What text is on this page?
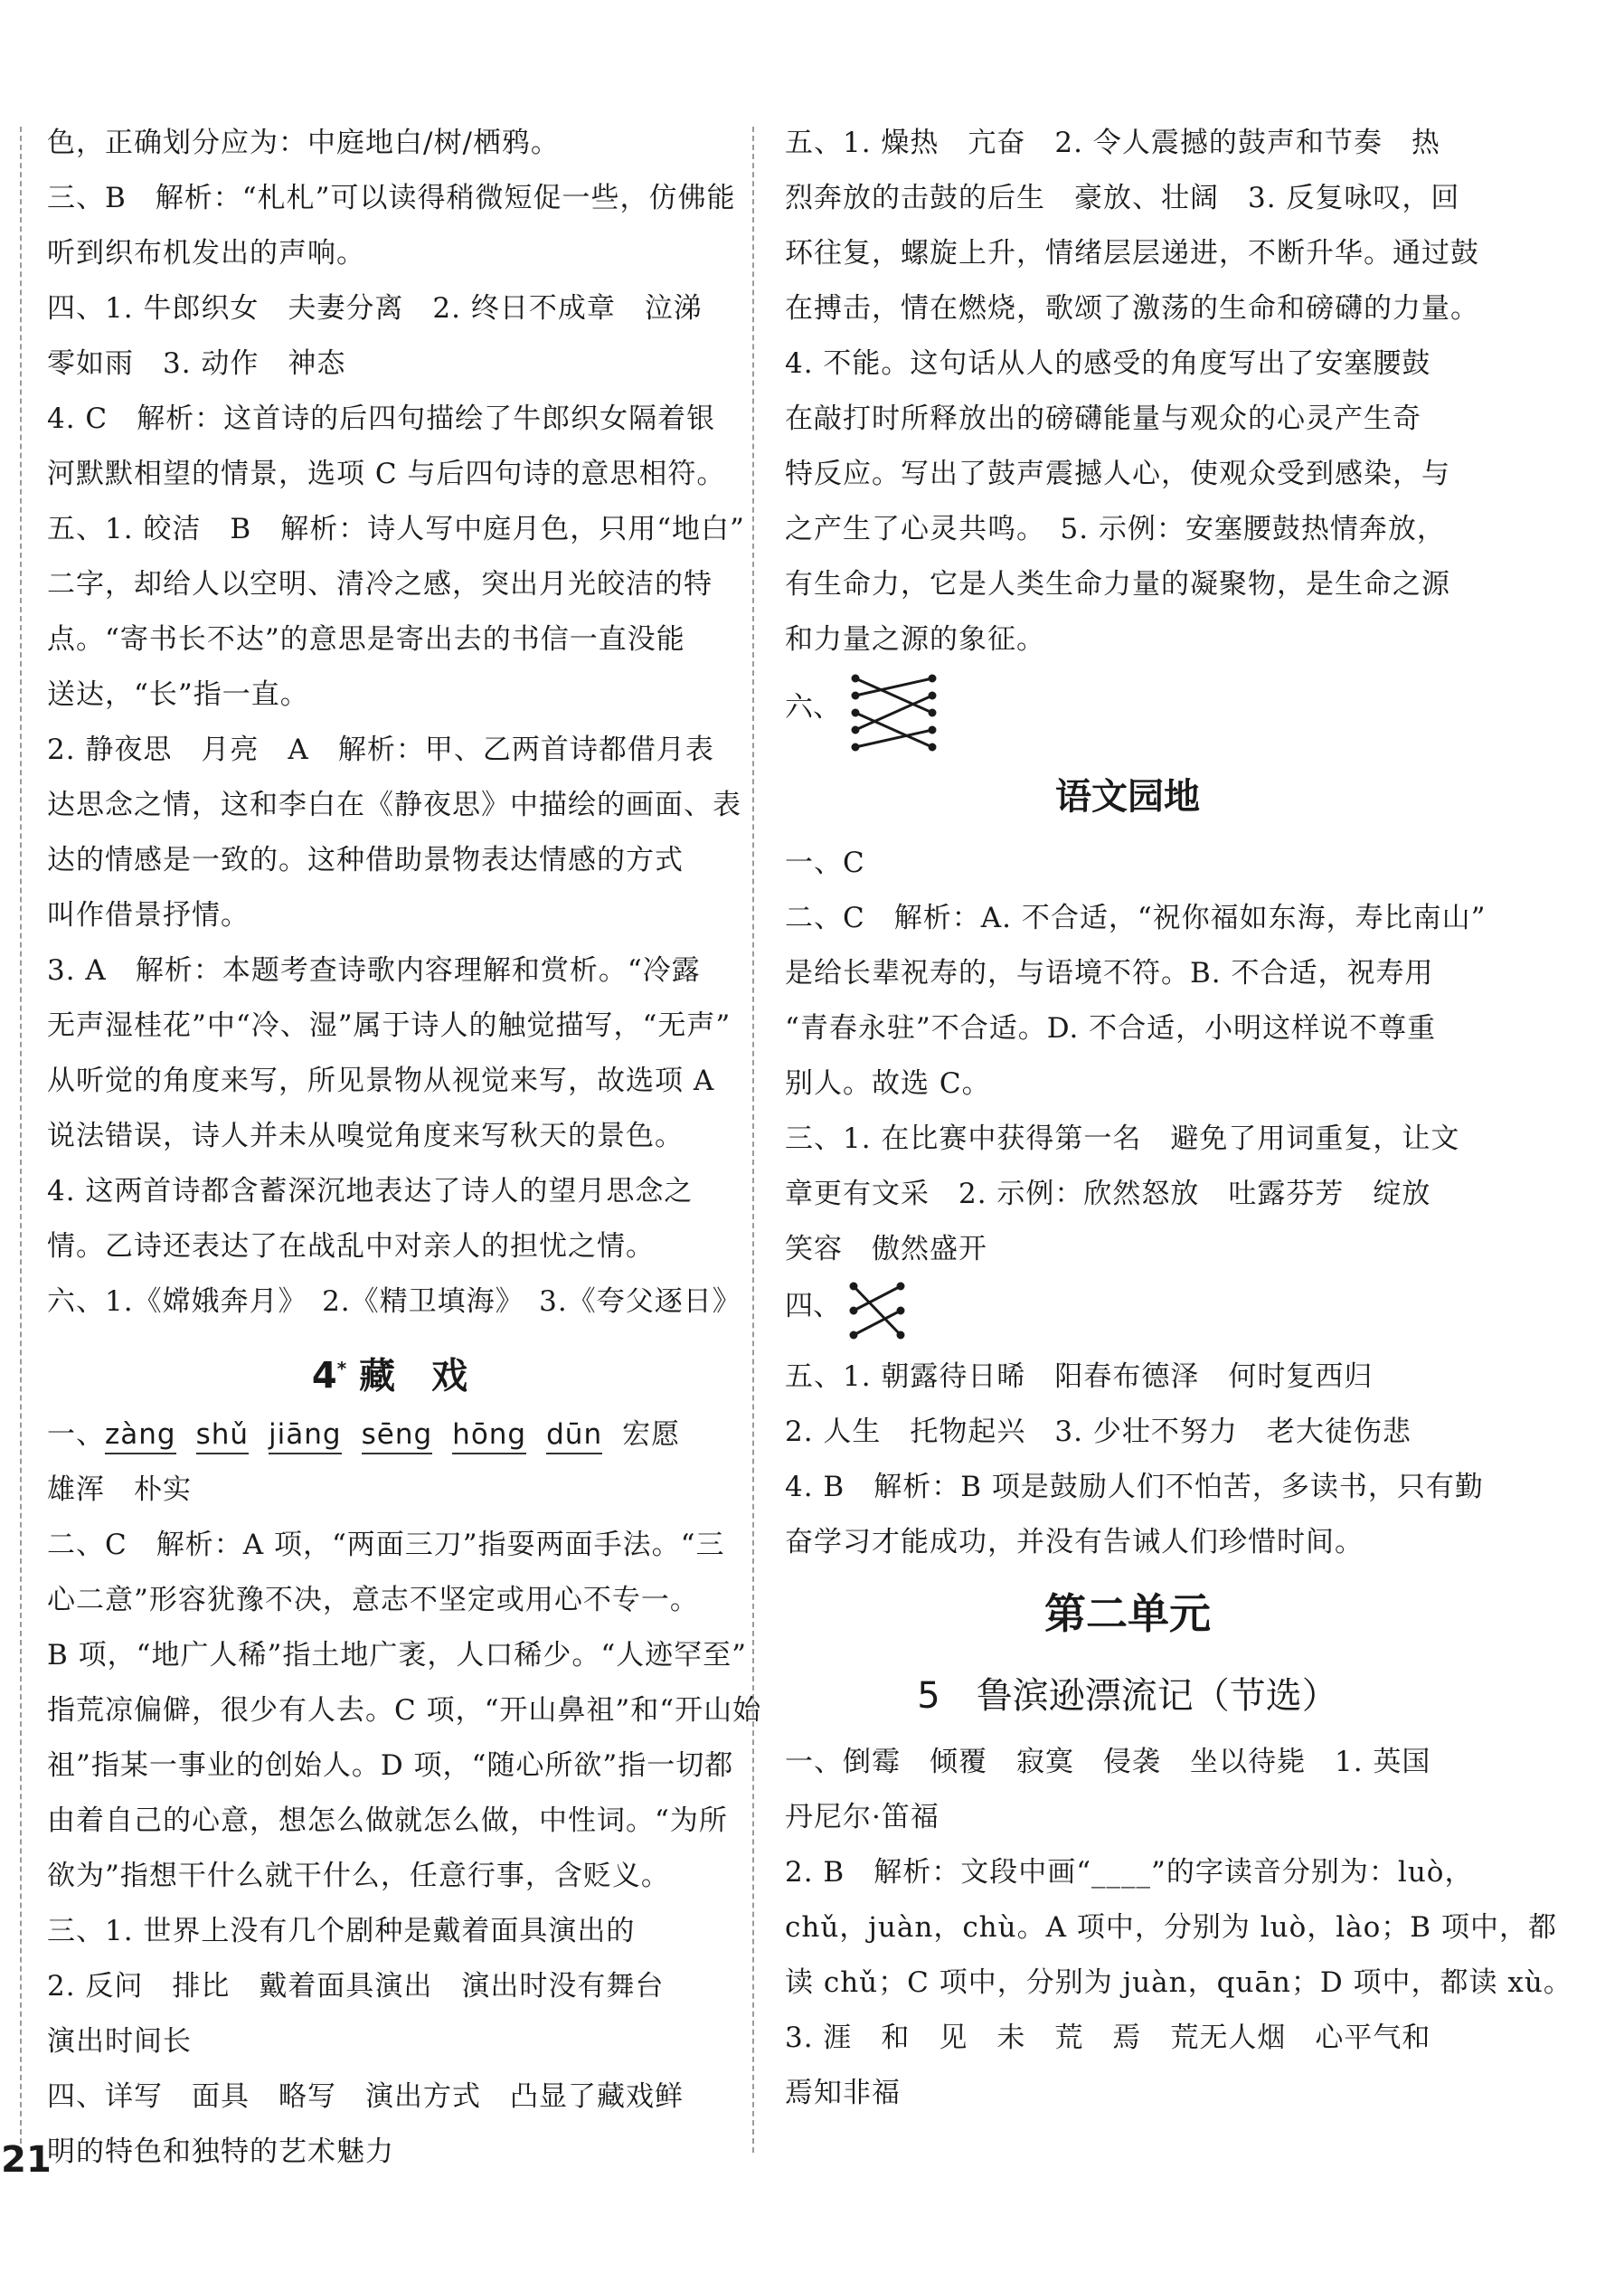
色，正确划分应为：中庭地白/树/栖鸦。
三、B　解析：“札札”可以读得稍微短促一些，仿佛能
听到织布机发出的声响。
四、1. 牛郎织女　夫妻分离　2. 终日不成章　泣涕
零如雨　3. 动作　神态
4. C　解析：这首诗的后四句描绘了牛郎织女隔着银
河默默相望的情景，选项 C 与后四句诗的意思相符。
五、1. 皎洁　B　解析：诗人写中庭月色，只用“地白”
二字，却给人以空明、清冷之感，突出月光皎洁的特
点。“寄书长不达”的意思是寄出去的书信一直没能
送达，“长”指一直。
2. 静夜思　月亮　A　解析：甲、乙两首诗都借月表
达思念之情，这和李白在《静夜思》中描绘的画面、表
达的情感是一致的。这种借助景物表达情感的方式
叫作借景抒情。
3. A　解析：本题考查诗歌内容理解和赏析。“冷露
无声湿桂花”中“冷、湿”属于诗人的触觉描写，“无声”
从听觉的角度来写，所见景物从视觉来写，故选项 A
说法错误，诗人并未从嗅觉角度来写秋天的景色。
4. 这两首诗都含蓄深沉地表达了诗人的望月思念之
情。乙诗还表达了在战乱中对亲人的担忧之情。
六、1.《嫦娥奔月》　2.《精卫填海》　3.《夸父逐日》
4* 藏　戏
一、zàng shǔ jiāng sēng hōng dūn 宏愿
雄浑　朴实
二、C　解析：A 项，“两面三刀”指耍两面手法。“三
心二意”形容犹豫不决，意志不坚定或用心不专一。
B 项，“地广人稀”指土地广袤，人口稀少。“人迹罕至”
指荒凉偏僻，很少有人去。C 项，“开山鼻祖”和“开山始
祖”指某一事业的创始人。D 项，“随心所欲”指一切都
由着自己的心意，想怎么做就怎么做，中性词。“为所
欲为”指想干什么就干什么，任意行事，含贬义。
三、1. 世界上没有几个剧种是戴着面具演出的
2. 反问　排比　戴着面具演出　演出时没有舞台
演出时间长
四、详写　面具　略写　演出方式　凸显了藏戏鲜
明的特色和独特的艺术魅力
五、1. 燥热　亢奋　2. 令人震撼的鼓声和节奏　热
烈奔放的击鼓的后生　豪放、壮阔　3. 反复咏叹，回
环往复，螺旋上升，情绪层层递进，不断升华。通过鼓
在搏击，情在燃烧，歌颂了激荡的生命和磅礴的力量。
4. 不能。这句话从人的感受的角度写出了安塞腰鼓
在敲打时所释放出的磅礴能量与观众的心灵产生奇
特反应。写出了鼓声震撼人心，使观众受到感染，与
之产生了心灵共鸣。　5. 示例：安塞腰鼓热情奔放，
有生命力，它是人类生命力量的凝聚物，是生命之源
和力量之源的象征。
六、
语文园地
一、C
二、C　解析：A. 不合适，“祝你福如东海，寿比南山”
是给长辈祝寿的，与语境不符。B. 不合适，祝寿用
“青春永驻”不合适。D. 不合适，小明这样说不尊重
别人。故选 C。
三、1. 在比赛中获得第一名　避免了用词重复，让文
章更有文采　2. 示例：欣然怒放　吐露芬芳　绽放
笑容　傲然盛开
四、
五、1. 朝露待日晞　阳春布德泽　何时复西归
2. 人生　托物起兴　3. 少壮不努力　老大徒伤悲
4. B　解析：B 项是鼓励人们不怕苦，多读书，只有勤
奋学习才能成功，并没有告诫人们珍惜时间。
第二单元
5　鲁滨逊漂流记（节选）
一、倒霉　倾覆　寂寞　侵袭　坐以待毙　1. 英国
丹尼尔·笛福
2. B　解析：文段中画“____”的字读音分别为：luò，
chǔ，juàn，chù。A 项中，分别为 luò，lào；B 项中，都
读 chǔ；C 项中，分别为 juàn，quān；D 项中，都读 xù。
3. 涯　和　见　未　荒　焉　荒无人烟　心平气和
焉知非福
21
